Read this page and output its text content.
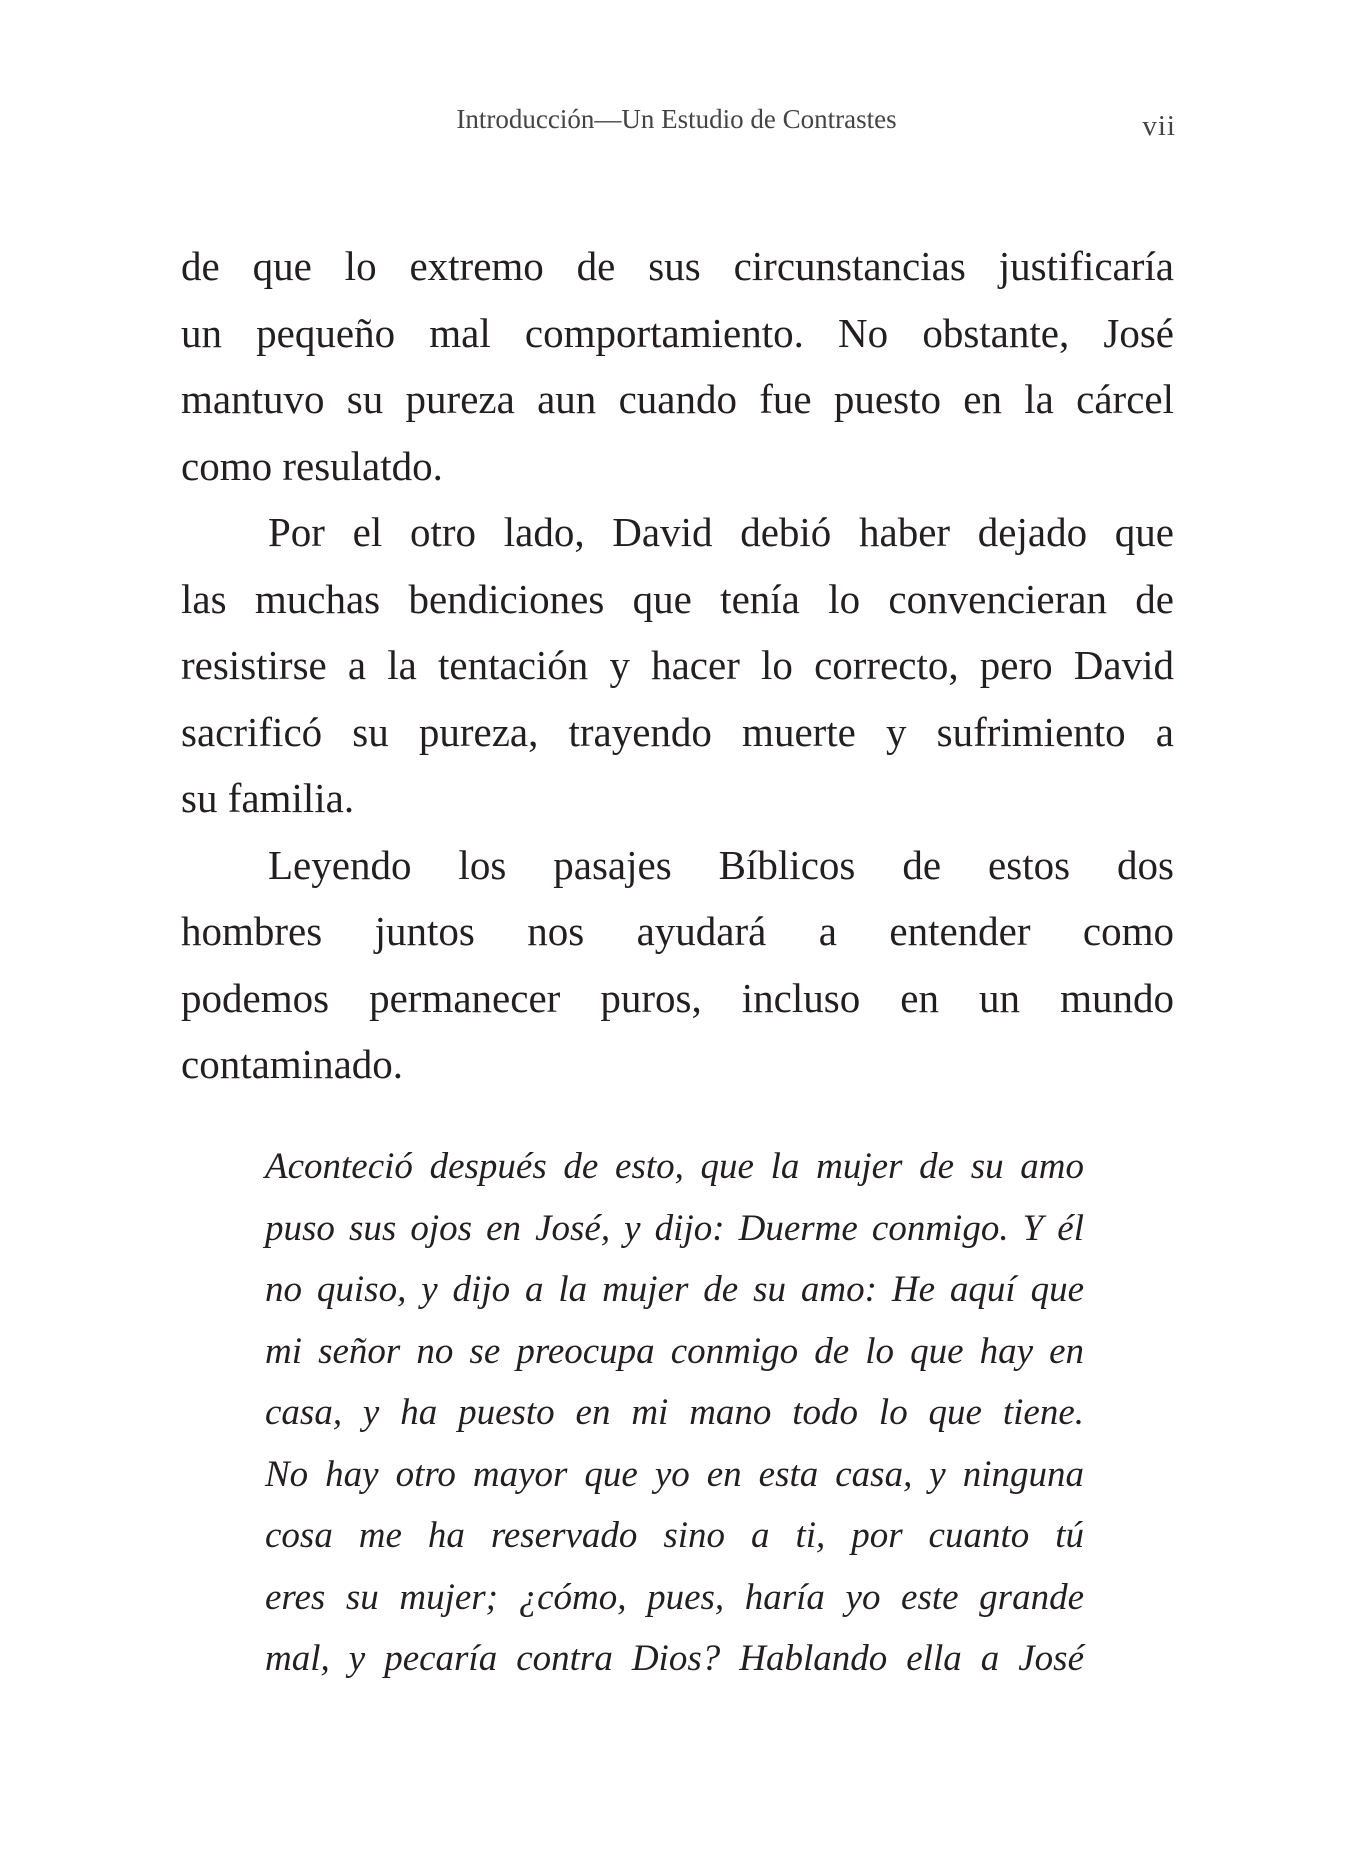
Introducción—Un Estudio de Contrastes	vii
de que lo extremo de sus circunstancias justificaría
un pequeño mal comportamiento. No obstante, José
mantuvo su pureza aun cuando fue puesto en la cárcel
como resulatdo.
Por el otro lado, David debió haber dejado que
las muchas bendiciones que tenía lo convencieran de
resistirse a la tentación y hacer lo correcto, pero David
sacrificó su pureza, trayendo muerte y sufrimiento a
su familia.
Leyendo los pasajes Bíblicos de estos dos
hombres juntos nos ayudará a entender como
podemos permanecer puros, incluso en un mundo
contaminado.
Aconteció después de esto, que la mujer de su amo
puso sus ojos en José, y dijo: Duerme conmigo. Y él
no quiso, y dijo a la mujer de su amo: He aquí que
mi señor no se preocupa conmigo de lo que hay en
casa, y ha puesto en mi mano todo lo que tiene.
No hay otro mayor que yo en esta casa, y ninguna
cosa me ha reservado sino a ti, por cuanto tú
eres su mujer; ¿cómo, pues, haría yo este grande
mal, y pecaría contra Dios? Hablando ella a José
